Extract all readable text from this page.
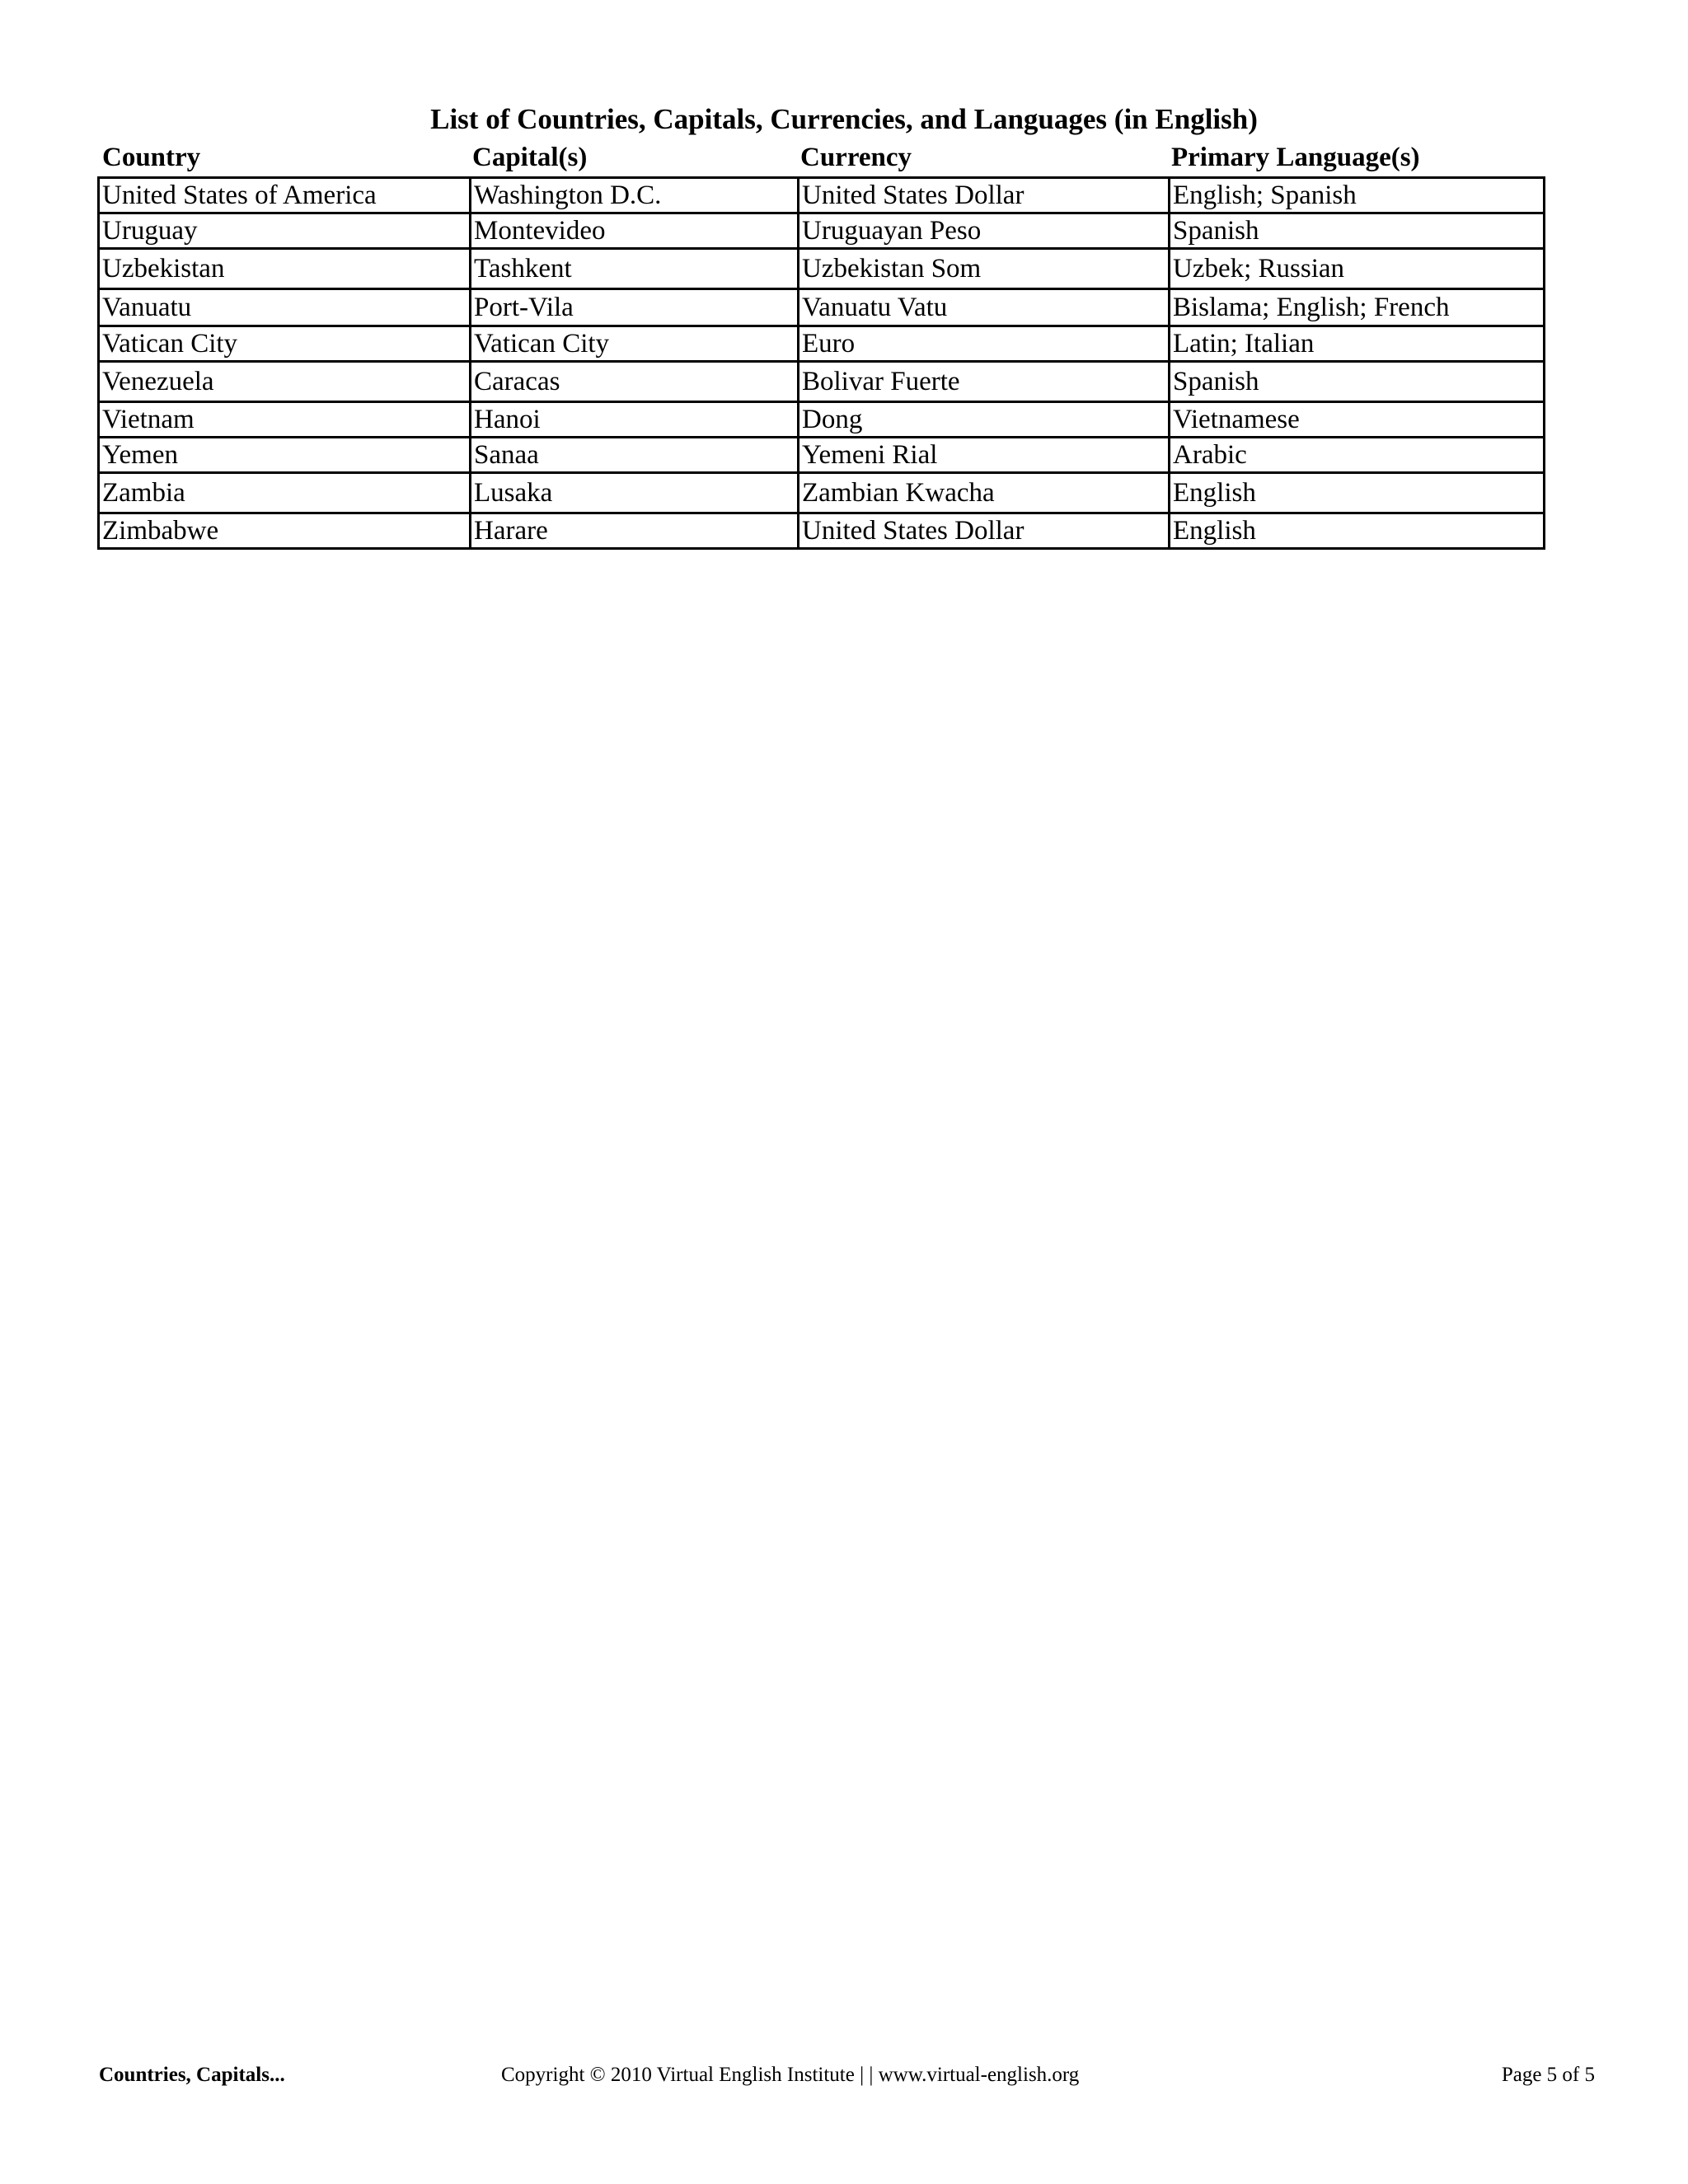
List of Countries, Capitals, Currencies, and Languages (in English)
Country	Capital(s)	Currency	Primary Language(s)
United States of America	Washington D.C.	United States Dollar	English; Spanish
Uruguay	Montevideo	Uruguayan Peso	Spanish
Uzbekistan	Tashkent	Uzbekistan Som	Uzbek; Russian
Vanuatu	Port-Vila	Vanuatu Vatu	Bislama; English; French
Vatican City	Vatican City	Euro	Latin; Italian
Venezuela	Caracas	Bolivar Fuerte	Spanish
Vietnam	Hanoi	Dong	Vietnamese
Yemen	Sanaa	Yemeni Rial	Arabic
Zambia	Lusaka	Zambian Kwacha	English
Zimbabwe	Harare	United States Dollar	English
Countries, Capitals...	Copyright © 2010 Virtual English Institute | | www.virtual-english.org	Page 5 of 5
